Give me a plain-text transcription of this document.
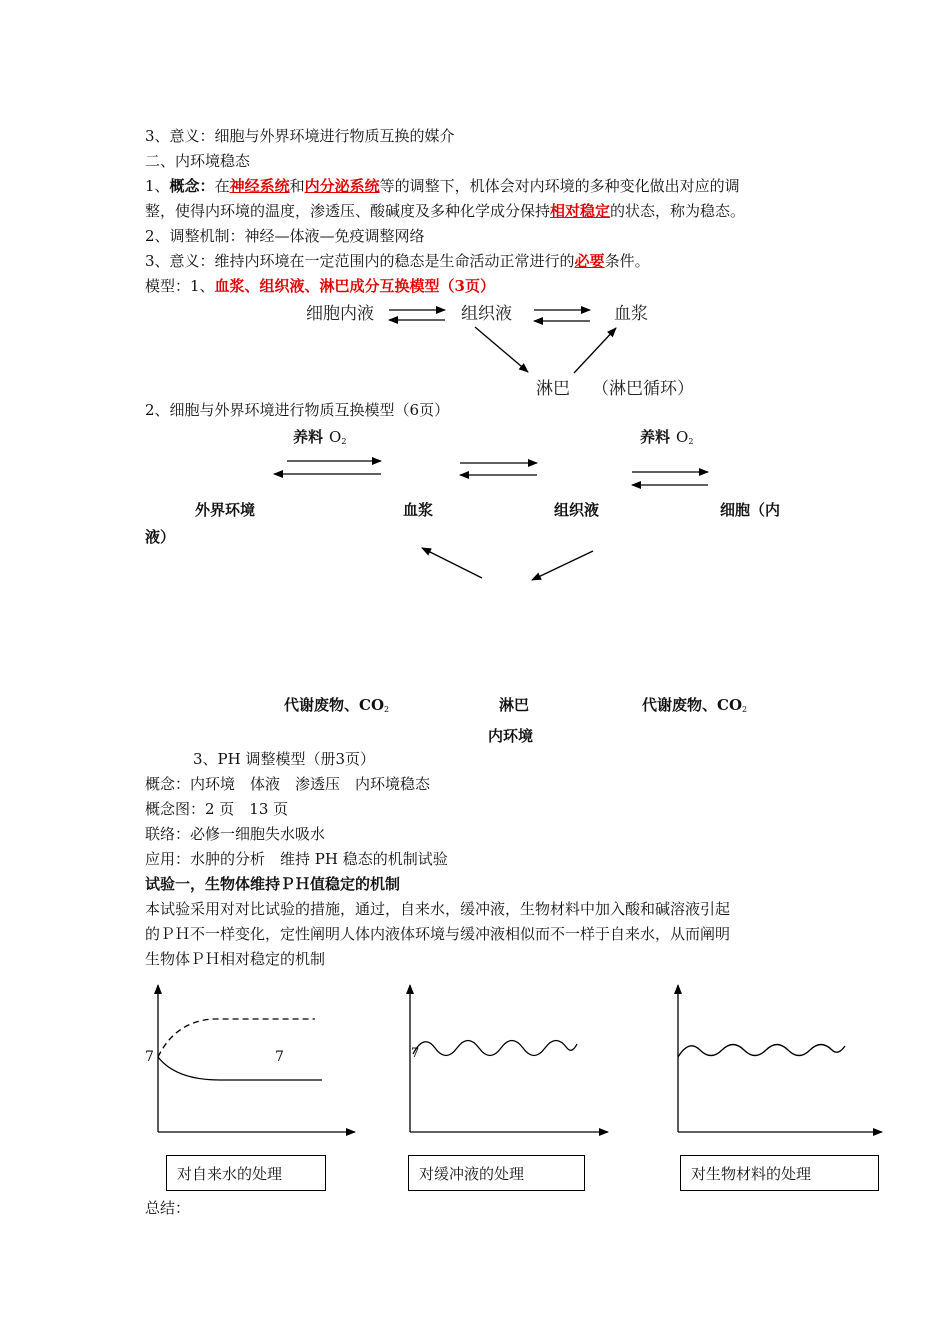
3、意义：细胞与外界环境进行物质互换的媒介
二、内环境稳态
1、概念：在神经系统和内分泌系统等的调整下，机体会对内环境的多种变化做出对应的调
整，使得内环境的温度，渗透压、酸碱度及多种化学成分保持相对稳定的状态，称为稳态。
2、调整机制：神经—体液—免疫调整网络
3、意义：维持内环境在一定范围内的稳态是生命活动正常进行的必要条件。
模型：1、血浆、组织液、淋巴成分互换模型（3页）
细胞内液	组织液	血浆
淋巴 （淋巴循环）
2、细胞与外界环境进行物质互换模型（6页）
养料 $O_2$	养料 $O_2$
外界环境	血浆	组织液	细胞（内
液）
代谢废物、$CO_2$	淋巴	代谢废物、$CO_2$
内环境
3、PH 调整模型（册3页）
概念：内环境　体液　渗透压　内环境稳态
概念图：2 页　13 页
联络：必修一细胞失水吸水
应用：水肿的分析　维持 PH 稳态的机制试验
试验一，生物体维持ＰＨ值稳定的机制
本试验采用对对比试验的措施，通过，自来水，缓冲液，生物材料中加入酸和碱溶液引起
的ＰＨ不一样变化，定性阐明人体内液体环境与缓冲液相似而不一样于自来水，从而阐明
生物体ＰＨ相对稳定的机制
7	7	7
对自来水的处理	对缓冲液的处理	对生物材料的处理
总结：
